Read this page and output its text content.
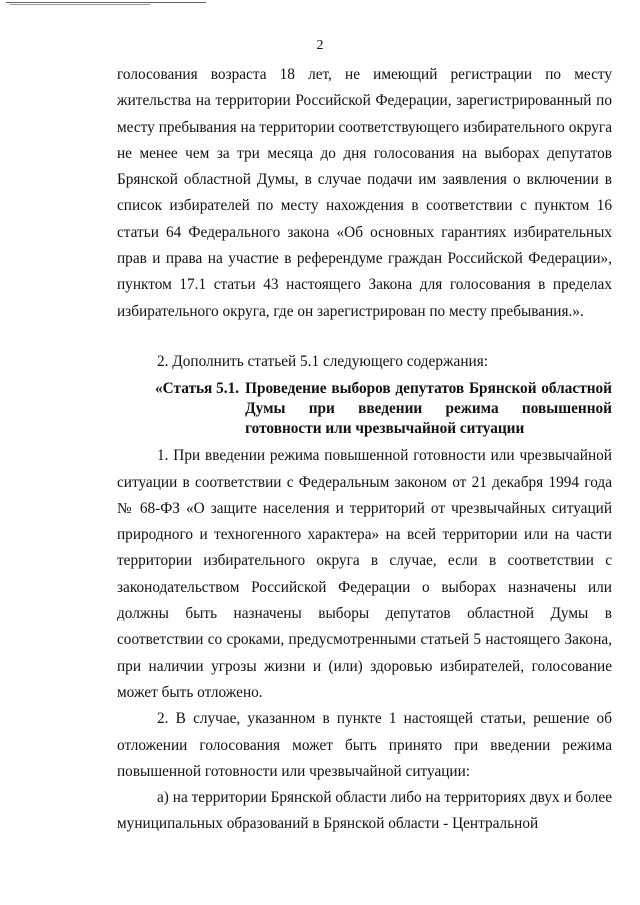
2

голосования возраста 18 лет, не имеющий регистрации по месту жительства на территории Российской Федерации, зарегистрированный по месту пребывания на территории соответствующего избирательного округа не менее чем за три месяца до дня голосования на выборах депутатов Брянской областной Думы, в случае подачи им заявления о включении в список избирателей по месту нахождения в соответствии с пунктом 16 статьи 64 Федерального закона «Об основных гарантиях избирательных прав и права на участие в референдуме граждан Российской Федерации», пунктом 17.1 статьи 43 настоящего Закона для голосования в пределах избирательного округа, где он зарегистрирован по месту пребывания.».

2. Дополнить статьей 5.1 следующего содержания:

«Статья 5.1. Проведение выборов депутатов Брянской областной Думы при введении режима повышенной готовности или чрезвычайной ситуации

1. При введении режима повышенной готовности или чрезвычайной ситуации в соответствии с Федеральным законом от 21 декабря 1994 года № 68-ФЗ «О защите населения и территорий от чрезвычайных ситуаций природного и техногенного характера» на всей территории или на части территории избирательного округа в случае, если в соответствии с законодательством Российской Федерации о выборах назначены или должны быть назначены выборы депутатов областной Думы в соответствии со сроками, предусмотренными статьей 5 настоящего Закона, при наличии угрозы жизни и (или) здоровью избирателей, голосование может быть отложено.

2. В случае, указанном в пункте 1 настоящей статьи, решение об отложении голосования может быть принято при введении режима повышенной готовности или чрезвычайной ситуации:

а) на территории Брянской области либо на территориях двух и более муниципальных образований в Брянской области - Центральной
